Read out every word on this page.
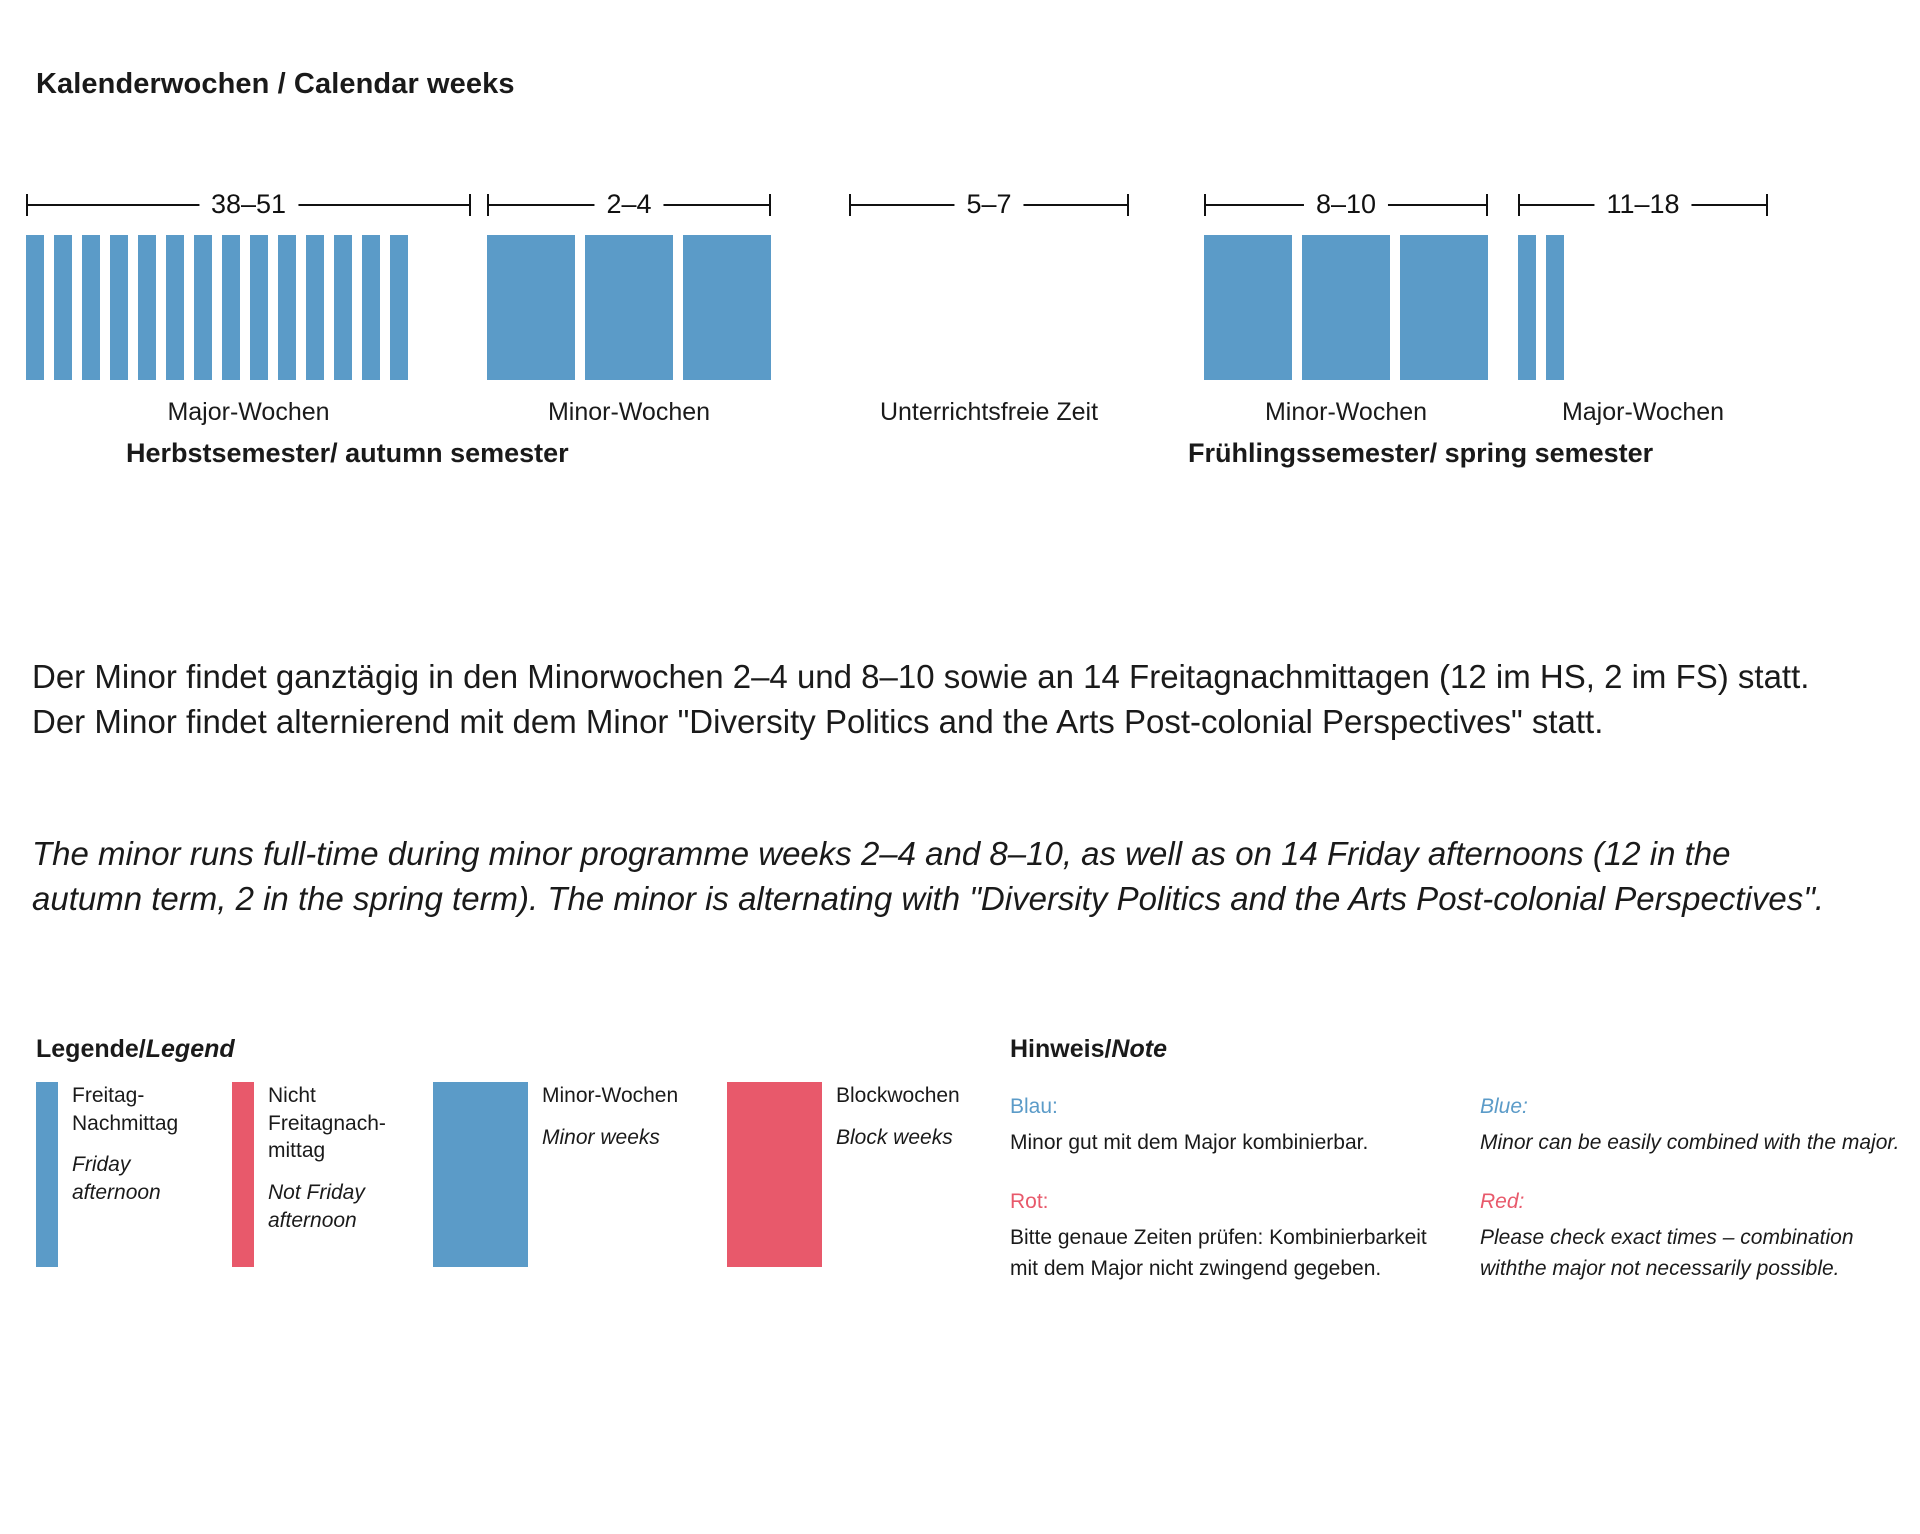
Kalenderwochen / Calendar weeks
38–51
Major-Wochen
2–4
Minor-Wochen
5–7
Unterrichtsfreie Zeit
8–10
Minor-Wochen
11–18
Major-Wochen
Herbstsemester/ autumn semester	Frühlingssemester/ spring semester
Der Minor findet ganztägig in den Minorwochen 2–4 und 8–10 sowie an 14 Freitagnachmittagen (12 im HS, 2 im FS) statt. Der Minor findet alternierend mit dem Minor "Diversity Politics and the Arts Post-colonial Perspectives" statt.
The minor runs full-time during minor programme weeks 2–4 and 8–10, as well as on 14 Friday afternoons (12 in the autumn term, 2 in the spring term). The minor is alternating with "Diversity Politics and the Arts Post-colonial Perspectives".
Legende/Legend
Freitag-Nachmittag
Friday afternoon
Nicht Freitagnach-mittag
Not Friday afternoon
Minor-Wochen
Minor weeks
Blockwochen
Block weeks
Hinweis/Note
Blau:
Minor gut mit dem Major kombinierbar.
Rot:
Bitte genaue Zeiten prüfen: Kombinierbarkeit mit dem Major nicht zwingend gegeben.
Blue:
Minor can be easily combined with the major.
Red:
Please check exact times – combination withthe major not necessarily possible.
